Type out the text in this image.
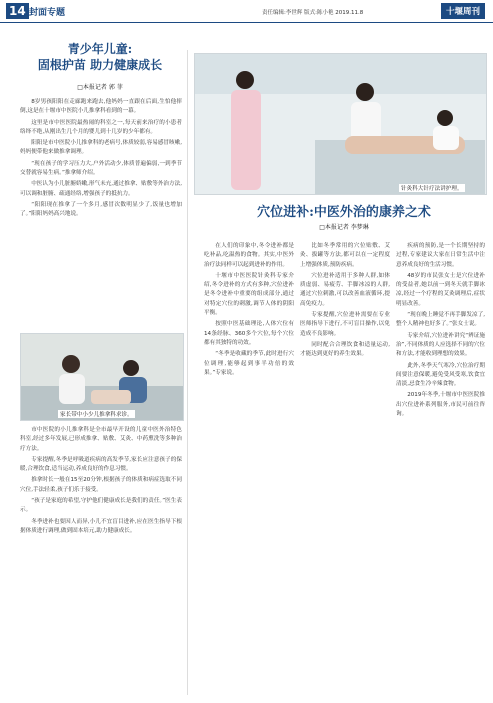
14 封面专题	责任编辑:李世辉 版式:陈小艳 2019.11.8	十堰周刊
青少年儿童:
固根护苗 助力健康成长
□本报记者 郭 菲

8岁男孩阳阳在走廊跑来跑去,他妈妈一直跟在后面,生怕他摔倒,这是在十堰市中医院小儿推拿科看到的一幕。

这里是市中医医院最热闹的科室之一,每天前来治疗的小患者络绎不绝,从刚出生几个月的婴儿到十几岁的少年都有。

阳阳是市中医院小儿推拿科的老病号,体质较弱,容易感冒咳嗽,妈妈便带他来做推拿调理。

“现在孩子的学习压力大,户外活动少,体质普遍偏弱,一到季节交替就容易生病。”推拿师介绍。

中医认为小儿脏腑娇嫩,形气未充,通过推拿、贴敷等外治方法,可以调和脏腑、疏通经络,增强孩子的抵抗力。

“阳阳现在推拿了一个多月,感冒次数明显少了,饭量也增加了。”阳阳妈妈高兴地说。

家长带中小少儿推拿科求诊。

市中医院的小儿推拿科是全市最早开设的儿童中医外治特色科室,经过多年发展,已形成推拿、贴敷、艾灸、中药熏洗等多种治疗方法。

专家提醒,冬季是呼吸道疾病的高发季节,家长应注意孩子的保暖,合理饮食,适当运动,养成良好的作息习惯。

推拿时长一般在15至20分钟,根据孩子的体质和病症选取不同穴位,手法轻柔,孩子们乐于接受。

“孩子是家庭的希望,守护他们健康成长是我们的责任。”医生表示。

冬季进补也要因人而异,小儿不宜盲目进补,应在医生指导下根据体质进行调理,做到固本培元,助力健康成长。

针灸科大针疗法讲护理。
穴位进补:中医外治的康养之术
□本报记者 李梦琳

在人们的印象中,冬令进补都是吃补品,吃温热的食物。其实,中医外治疗法同样可以起到进补的作用。

十堰市中医医院针灸科专家介绍,冬令进补的方式有多种,穴位进补是冬令进补中重要的组成部分,通过对特定穴位的刺激,调节人体的阴阳平衡。

按照中医基础理论,人体穴位有14条经脉、360多个穴位,每个穴位都有其独特的功效。

“冬季是收藏的季节,此时进行穴位调理,能够起到事半功倍的效果。”专家说。

比如冬季常用的穴位贴敷、艾灸、拔罐等方法,都可以在一定程度上增强体质,预防疾病。

穴位进补适用于多种人群,如体质虚弱、易疲劳、手脚冰凉的人群,通过穴位刺激,可以改善血液循环,提高免疫力。

专家提醒,穴位进补需要在专业医师指导下进行,不可盲目操作,以免造成不良影响。

同时配合合理饮食和适量运动,才能达到更好的养生效果。

疾病的预防,是一个长期坚持的过程,专家建议大家在日常生活中注意养成良好的生活习惯。

48岁的市民张女士是穴位进补的受益者,她以前一到冬天就手脚冰凉,经过一个疗程的艾灸调理后,症状明显改善。

“现在晚上睡觉不再手脚发凉了,整个人精神也好多了。”张女士说。

专家介绍,穴位进补讲究“辨证施治”,不同体质的人应选择不同的穴位和方法,才能收到理想的效果。

此外,冬季天气寒冷,穴位治疗期间要注意保暖,避免受风受寒,饮食宜清淡,忌食生冷辛辣食物。

2019年冬季,十堰市中医医院推出穴位进补系列服务,市民可前往咨询。
